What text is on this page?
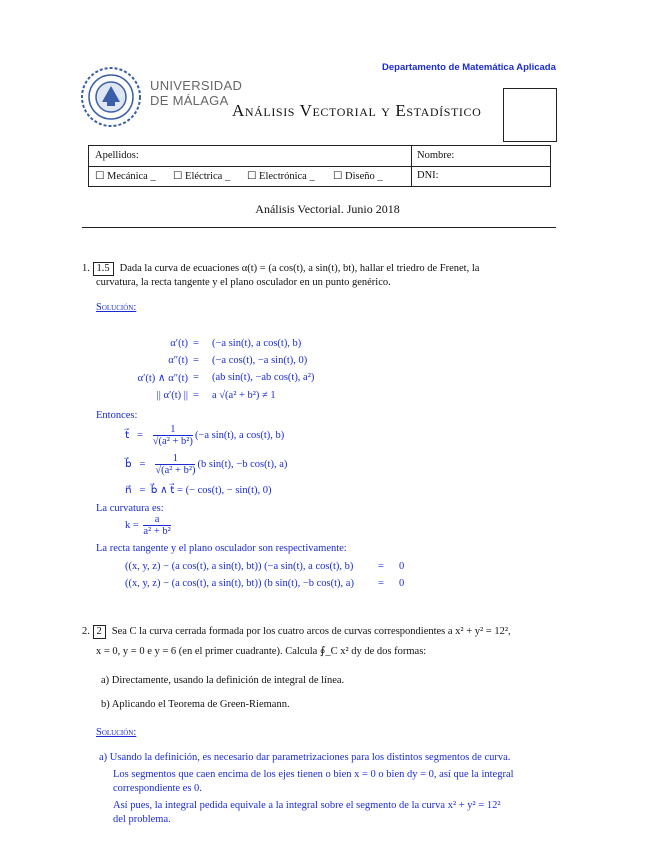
UNIVERSIDAD
DE MÁLAGA
Departamento de Matemática Aplicada
Análisis Vectorial y Estadístico
Apellidos:	Nombre:
☐ Mecánica _ ☐ Eléctrica _ ☐ Electrónica _ ☐ Diseño _	DNI:
Análisis Vectorial. Junio 2018
1. 1.5 Dada la curva de ecuaciones α(t) = (a cos(t), a sin(t), bt), hallar el triedro de Frenet, la
curvatura, la recta tangente y el plano osculador en un punto genérico.
Solución:
α′(t) = (−a sin(t), a cos(t), b)
α″(t) = (−a cos(t), −a sin(t), 0)
α′(t) ∧ α″(t) = (ab sin(t), −ab cos(t), a²)
|| α′(t) || = a √(a² + b²) ≠ 1
Entonces:
t⃗   = $\frac{1}{\text{√(a² + b²)}} (-a$ sin(t), a cos(t), b)
b⃗   = $\frac{1}{\text{√(a² + b²)}} (b$ sin(t), −b cos(t), a)
n⃗   =  b⃗ ∧ t⃗ = (− cos(t), − sin(t), 0)
La curvatura es:
$k = \frac{a}{\text{a² + b²}}$
La recta tangente y el plano osculador son respectivamente:
((x, y, z) − (a cos(t), a sin(t), bt)) (−a sin(t), a cos(t), b) = 0
((x, y, z) − (a cos(t), a sin(t), bt)) (b sin(t), −b cos(t), a) = 0
2. 2 Sea C la curva cerrada formada por los cuatro arcos de curvas correspondientes a x² + y² = 12²,
x = 0, y = 0 e y = 6 (en el primer cuadrante). Calcula ∮_C x² dy de dos formas:
a) Directamente, usando la definición de integral de línea.
b) Aplicando el Teorema de Green-Riemann.
Solución:
a) Usando la definición, es necesario dar parametrizaciones para los distintos segmentos de curva.
Los segmentos que caen encima de los ejes tienen o bien x = 0 o bien dy = 0, así que la integral
correspondiente es 0.
Así pues, la integral pedida equivale a la integral sobre el segmento de la curva x² + y² = 12²
del problema.
